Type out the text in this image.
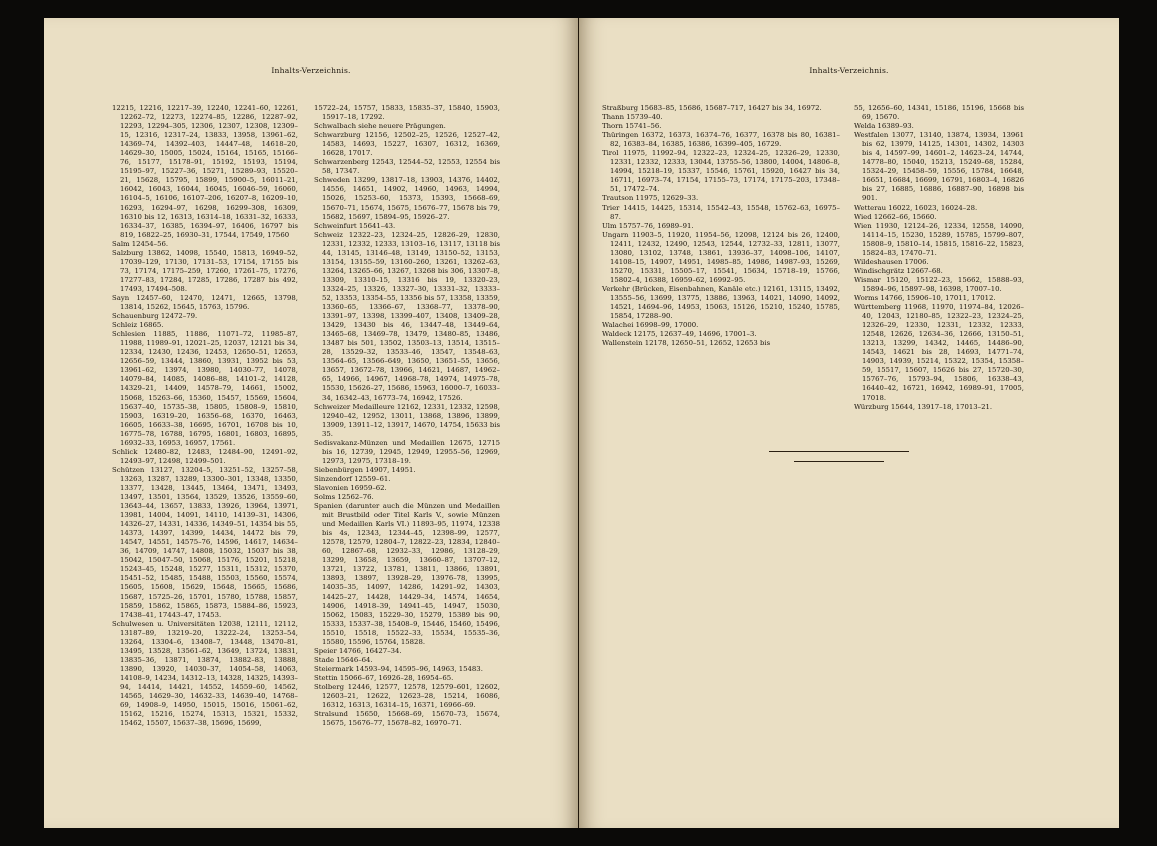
Inhalts-Verzeichnis.

12215, 12216, 12217–39, 12240, 12241–60, 12261, 12262–72, 12273, 12274–85, 12286, 12287–92, 12293, 12294–305, 12306, 12307, 12308, 12309–15, 12316, 12317–24, 13833, 13958, 13961–62, 14369–74, 14392–403, 14447–48, 14618–20, 14629–30, 15005, 15024, 15164, 15165, 15166–76, 15177, 15178–91, 15192, 15193, 15194, 15195–97, 15227–36, 15271, 15289–93, 15520–21, 15628, 15795, 15899, 15900–5, 16011–21, 16042, 16043, 16044, 16045, 16046–59, 16060, 16104–5, 16106, 16107–206, 16207–8, 16209–10, 16293, 16294–97, 16298, 16299–308, 16309, 16310 bis 12, 16313, 16314–18, 16331–32, 16333, 16334–37, 16385, 16394–97, 16406, 16797 bis 819, 16822–25, 16930–31, 17544, 17549, 17560

Salm 12454–56.

Salzburg 13862, 14098, 15540, 15813, 16949–52, 17039–129, 17130, 17131–53, 17154, 17155 bis 73, 17174, 17175–259, 17260, 17261–75, 17276, 17277–83, 17284, 17285, 17286, 17287 bis 492, 17493, 17494–508.

Sayn 12457–60, 12470, 12471, 12665, 13798, 13814, 15262, 15645, 15763, 15796.

Schauenburg 12472–79.

Schleiz 16865.

Schlesien 11885, 11886, 11071–72, 11985–87, 11988, 11989–91, 12021–25, 12037, 12121 bis 34, 12334, 12430, 12436, 12453, 12650–51, 12653, 12656–59, 13444, 13860, 13931, 13952 bis 53, 13961–62, 13974, 13980, 14030–77, 14078, 14079–84, 14085, 14086–88, 14101–2, 14128, 14329–21, 14409, 14578–79, 14661, 15002, 15068, 15263–66, 15360, 15457, 15569, 15604, 15637–40, 15735–38, 15805, 15808–9, 15810, 15903, 16319–20, 16356–68, 16370, 16463, 16605, 16633–38, 16695, 16701, 16708 bis 10, 16775–78, 16788, 16795, 16801, 16803, 16895, 16932–33, 16953, 16957, 17561.

Schlick 12480–82, 12483, 12484–90, 12491–92, 12493–97, 12498, 12499–501.

Schützen 13127, 13204–5, 13251–52, 13257–58, 13263, 13287, 13289, 13300–301, 13348, 13350, 13377, 13428, 13445, 13464, 13471, 13493, 13497, 13501, 13564, 13529, 13526, 13559–60, 13643–44, 13657, 13833, 13926, 13964, 13971, 13981, 14004, 14091, 14110, 14139–31, 14306, 14326–27, 14331, 14336, 14349–51, 14354 bis 55, 14373, 14397, 14399, 14434, 14472 bis 79, 14547, 14551, 14575–76, 14596, 14617, 14634–36, 14709, 14747, 14808, 15032, 15037 bis 38, 15042, 15047–50, 15068, 15176, 15201, 15218, 15243–45, 15248, 15277, 15311, 15312, 15370, 15451–52, 15485, 15488, 15503, 15560, 15574, 15605, 15608, 15629, 15648, 15665, 15686, 15687, 15725–26, 15701, 15780, 15788, 15857, 15859, 15862, 15865, 15873, 15884–86, 15923, 17438–41, 17443–47, 17453.

Schulwesen u. Universitäten 12038, 12111, 12112, 13187–89, 13219–20, 13222–24, 13253–54, 13264, 13304–6, 13408–7, 13448, 13470–81, 13495, 13528, 13561–62, 13649, 13724, 13831, 13835–36, 13871, 13874, 13882–83, 13888, 13890, 13920, 14030–37, 14054–58, 14063, 14108–9, 14234, 14312–13, 14328, 14325, 14393–94, 14414, 14421, 14552, 14559–60, 14562, 14565, 14629–30, 14632–33, 14639–40, 14768–69, 14908–9, 14950, 15015, 15016, 15061–62, 15162, 15216, 15274, 15313, 15321, 15332, 15462, 15507, 15637–38, 15696, 15699,

15722–24, 15757, 15833, 15835–37, 15840, 15903, 15917–18, 17292.

Schwalbach siehe neuere Prägungen.

Schwarzburg 12156, 12502–25, 12526, 12527–42, 14583, 14693, 15227, 16307, 16312, 16369, 16628, 17017.

Schwarzenberg 12543, 12544–52, 12553, 12554 bis 58, 17347.

Schweden 13299, 13817–18, 13903, 14376, 14402, 14556, 14651, 14902, 14960, 14963, 14994, 15026, 15253–60, 15373, 15393, 15668–69, 15670–71, 15674, 15675, 15676–77, 15678 bis 79, 15682, 15697, 15894–95, 15926–27.

Schweinfurt 15641–43.

Schweiz 12322–23, 12324–25, 12826–29, 12830, 12331, 12332, 12333, 13103–16, 13117, 13118 bis 44, 13145, 13146–48, 13149, 13150–52, 13153, 13154, 13155–59, 13160–260, 13261, 13262–63, 13264, 13265–66, 13267, 13268 bis 306, 13307–8, 13309, 13310–15, 13316 bis 19, 13320–23, 13324–25, 13326, 13327–30, 13331–32, 13333–52, 13353, 13354–55, 13356 bis 57, 13358, 13359, 13360–65, 13366–67, 13368–77, 13378–90, 13391–97, 13398, 13399–407, 13408, 13409–28, 13429, 13430 bis 46, 13447–48, 13449–64, 13465–68, 13469–78, 13479, 13480–85, 13486, 13487 bis 501, 13502, 13503–13, 13514, 13515–28, 13529–32, 13533–46, 13547, 13548–63, 13564–65, 13566–649, 13650, 13651–55, 13656, 13657, 13672–78, 13966, 14621, 14687, 14962–65, 14966, 14967, 14968–78, 14974, 14975–78, 15530, 15626–27, 15686, 15963, 16000–7, 16033–34, 16342–43, 16773–74, 16942, 17526.

Schweizer Medailleure 12162, 12331, 12332, 12598, 12940–42, 12952, 13011, 13868, 13896, 13899, 13909, 13911–12, 13917, 14670, 14754, 15633 bis 35.

Sedisvakanz-Münzen und Medaillen 12675, 12715 bis 16, 12739, 12945, 12949, 12955–56, 12969, 12973, 12975, 17318–19.

Siebenbürgen 14907, 14951.

Sinzendorf 12559–61.

Slavonien 16959–62.

Solms 12562–76.

Spanien (darunter auch die Münzen und Medaillen mit Brustbild oder Titel Karls V., sowie Münzen und Medaillen Karls VI.) 11893–95, 11974, 12338 bis 4s, 12343, 12344–45, 12398–99, 12577, 12578, 12579, 12804–7, 12822–23, 12834, 12840–60, 12867–68, 12932–33, 12986, 13128–29, 13299, 13658, 13659, 13660–87, 13707–12, 13721, 13722, 13781, 13811, 13866, 13891, 13893, 13897, 13928–29, 13976–78, 13995, 14035–35, 14097, 14286, 14291–92, 14303, 14425–27, 14428, 14429–34, 14574, 14654, 14906, 14918–39, 14941–45, 14947, 15030, 15062, 15083, 15229–30, 15279, 15389 bis 90, 15333, 15337–38, 15408–9, 15446, 15460, 15496, 15510, 15518, 15522–33, 15534, 15535–36, 15580, 15596, 15764, 15828.

Speier 14766, 16427–34.

Stade 15646–64.

Steiermark 14593–94, 14595–96, 14963, 15483.

Stettin 15066–67, 16926–28, 16954–65.

Stolberg 12446, 12577, 12578, 12579–601, 12602, 12603–21, 12622, 12623–28, 15214, 16086, 16312, 16313, 16314–15, 16371, 16966–69.

Stralsund 15650, 15668–69, 15670–73, 15674, 15675, 15676–77, 15678–82, 16970–71.

Inhalts-Verzeichnis.

Straßburg 15683–85, 15686, 15687–717, 16427 bis 34, 16972.

Thann 15739–40.

Thorn 15741–56.

Thüringen 16372, 16373, 16374–76, 16377, 16378 bis 80, 16381–82, 16383–84, 16385, 16386, 16399–405, 16729.

Tirol 11975, 11992–94, 12322–23, 12324–25, 12326–29, 12330, 12331, 12332, 12333, 13044, 13755–56, 13800, 14004, 14806–8, 14994, 15218–19, 15337, 15546, 15761, 15920, 16427 bis 34, 16711, 16973–74, 17154, 17155–73, 17174, 17175–203, 17348–51, 17472–74.

Trautson 11975, 12629–33.

Trier 14415, 14425, 15314, 15542–43, 15548, 15762–63, 16975–87.

Ulm 15757–76, 16989–91.

Ungarn 11903–5, 11920, 11954–56, 12098, 12124 bis 26, 12400, 12411, 12432, 12490, 12543, 12544, 12732–33, 12811, 13077, 13080, 13102, 13748, 13861, 13936–37, 14098–106, 14107, 14108–15, 14907, 14951, 14985–85, 14986, 14987–93, 15269, 15270, 15331, 15505–17, 15541, 15634, 15718–19, 15766, 15802–4, 16388, 16959–62, 16992–95.

Verkehr (Brücken, Eisenbahnen, Kanäle etc.) 12161, 13115, 13492, 13555–56, 13699, 13775, 13886, 13963, 14021, 14090, 14092, 14521, 14694–96, 14953, 15063, 15126, 15210, 15240, 15785, 15854, 17288–90.

Walachei 16998–99, 17000.

Waldeck 12175, 12637–49, 14696, 17001–3.

Wallenstein 12178, 12650–51, 12652, 12653 bis

55, 12656–60, 14341, 15186, 15196, 15668 bis 69, 15670.

Welda 16389–93.

Westfalen 13077, 13140, 13874, 13934, 13961 bis 62, 13979, 14125, 14301, 14302, 14303 bis 4, 14597–99, 14601–2, 14623–24, 14744, 14778–80, 15040, 15213, 15249–68, 15284, 15324–29, 15458–59, 15556, 15784, 16648, 16651, 16684, 16699, 16791, 16803–4, 16826 bis 27, 16885, 16886, 16887–90, 16898 bis 901.

Wetterau 16022, 16023, 16024–28.

Wied 12662–66, 15660.

Wien 11930, 12124–26, 12334, 12558, 14090, 14114–15, 15230, 15289, 15785, 15799–807, 15808–9, 15810–14, 15815, 15816–22, 15823, 15824–83, 17470–71.

Wildeshausen 17006.

Windischgrätz 12667–68.

Wismar 15120, 15122–23, 15662, 15888–93, 15894–96, 15897–98, 16398, 17007–10.

Worms 14766, 15906–10, 17011, 17012.

Württemberg 11968, 11970, 11974–84, 12026–40, 12043, 12180–85, 12322–23, 12324–25, 12326–29, 12330, 12331, 12332, 12333, 12548, 12626, 12634–36, 12666, 13150–51, 13213, 13299, 14342, 14465, 14486–90, 14543, 14621 bis 28, 14693, 14771–74, 14903, 14939, 15214, 15322, 15354, 15358–59, 15517, 15607, 15626 bis 27, 15720–30, 15767–76, 15793–94, 15806, 16338–43, 16440–42, 16721, 16942, 16989–91, 17005, 17018.

Würzburg 15644, 13917–18, 17013–21.
